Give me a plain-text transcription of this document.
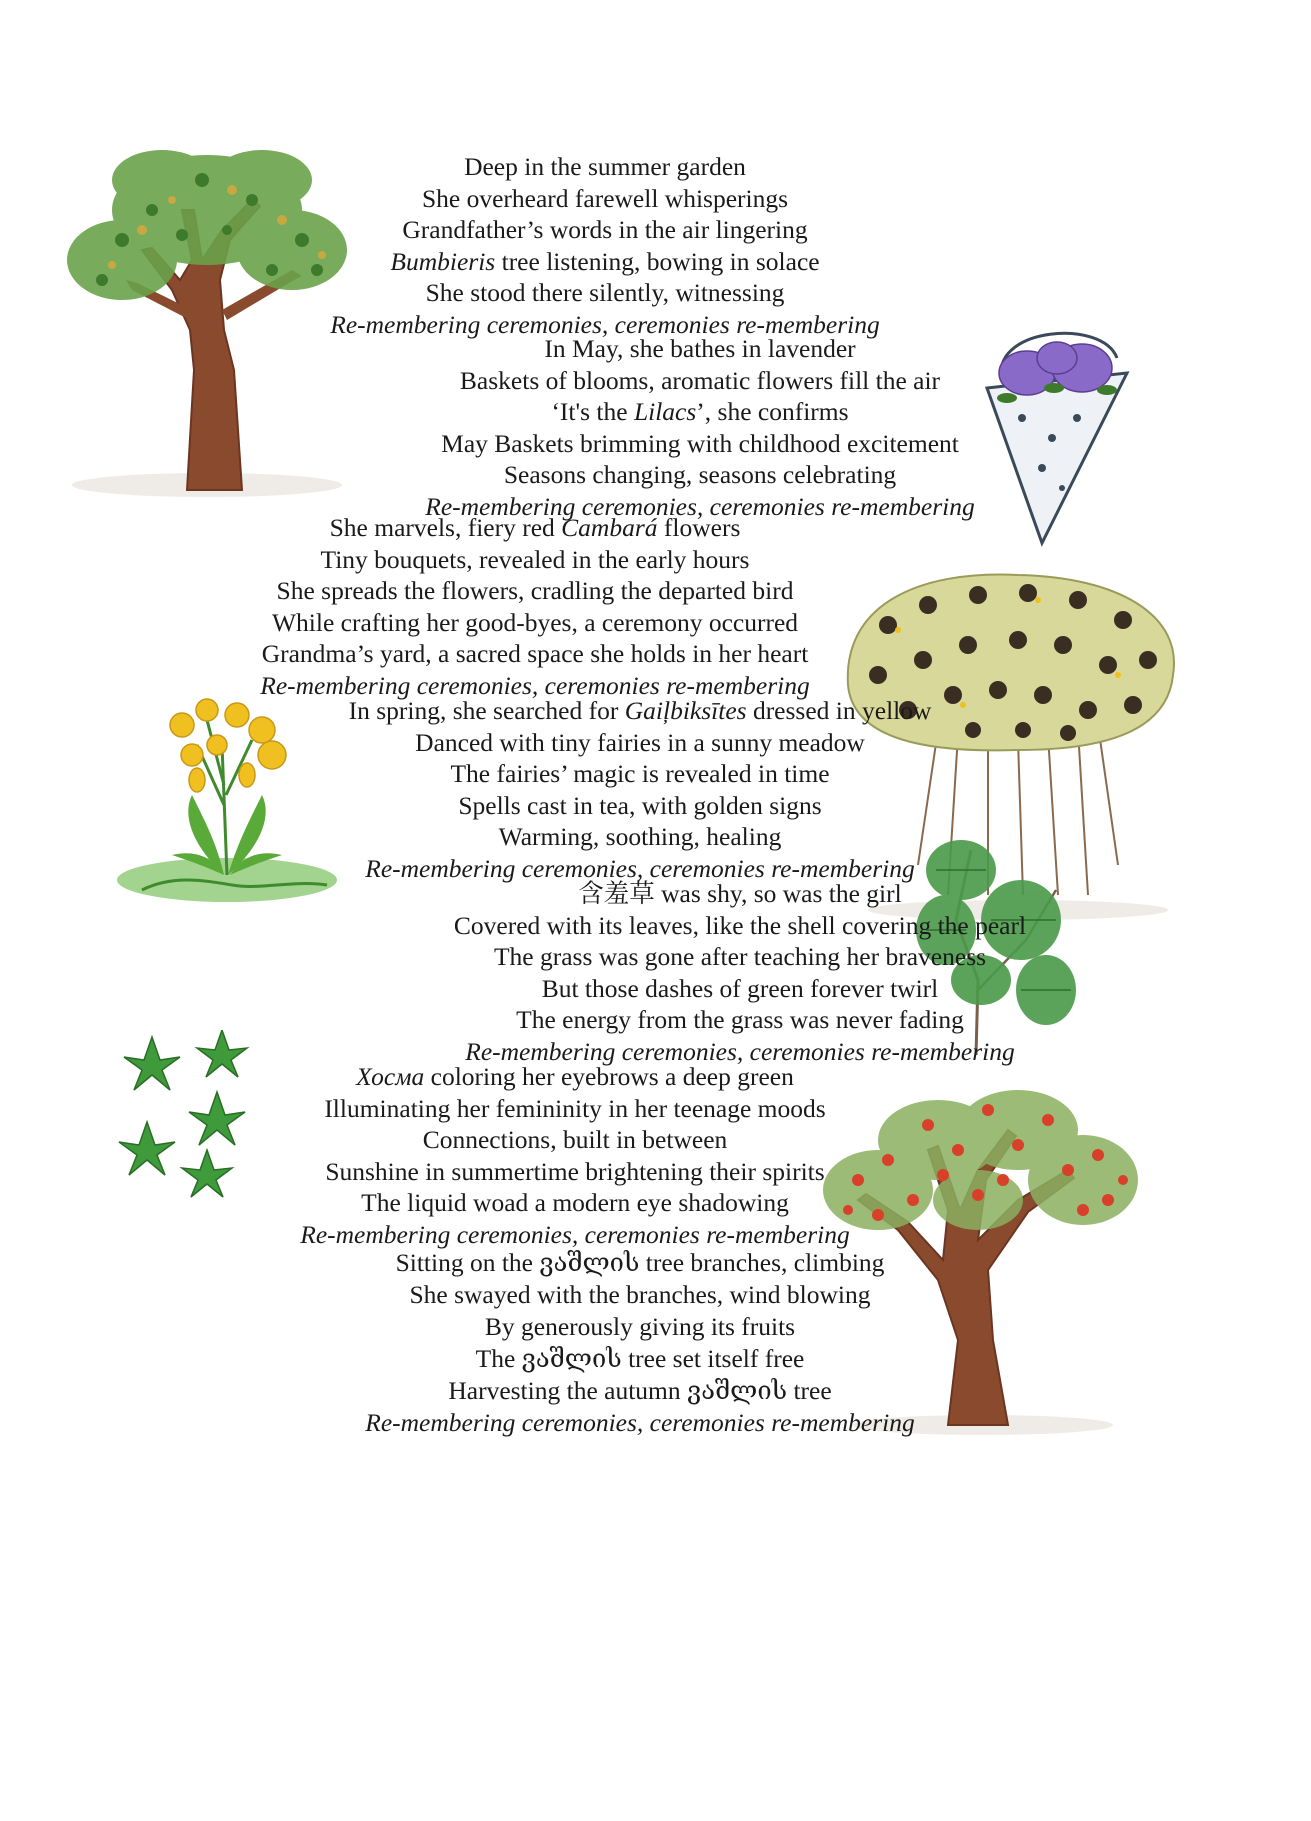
Deep in the summer garden
She overheard farewell whisperings
Grandfather’s words in the air lingering
Bumbieris tree listening, bowing in solace
She stood there silently, witnessing
Re-membering ceremonies, ceremonies re-membering
In May, she bathes in lavender
Baskets of blooms, aromatic flowers fill the air
‘It's the Lilacs’, she confirms
May Baskets brimming with childhood excitement
Seasons changing, seasons celebrating
Re-membering ceremonies, ceremonies re-membering
She marvels, fiery red Cambará flowers
Tiny bouquets, revealed in the early hours
She spreads the flowers, cradling the departed bird
While crafting her good-byes, a ceremony occurred
Grandma’s yard, a sacred space she holds in her heart
Re-membering ceremonies, ceremonies re-membering
In spring, she searched for Gaiļbiksītes dressed in yellow
Danced with tiny fairies in a sunny meadow
The fairies’ magic is revealed in time
Spells cast in tea, with golden signs
Warming, soothing, healing
Re-membering ceremonies, ceremonies re-membering
含羞草 was shy, so was the girl
Covered with its leaves, like the shell covering the pearl
The grass was gone after teaching her braveness
But those dashes of green forever twirl
The energy from the grass was never fading
Re-membering ceremonies, ceremonies re-membering
Хосма coloring her eyebrows a deep green
Illuminating her femininity in her teenage moods
Connections, built in between
Sunshine in summertime brightening their spirits
The liquid woad a modern eye shadowing
Re-membering ceremonies, ceremonies re-membering
Sitting on the ვაშლის tree branches, climbing
She swayed with the branches, wind blowing
By generously giving its fruits
The ვაშლის tree set itself free
Harvesting the autumn ვაშლის tree
Re-membering ceremonies, ceremonies re-membering
